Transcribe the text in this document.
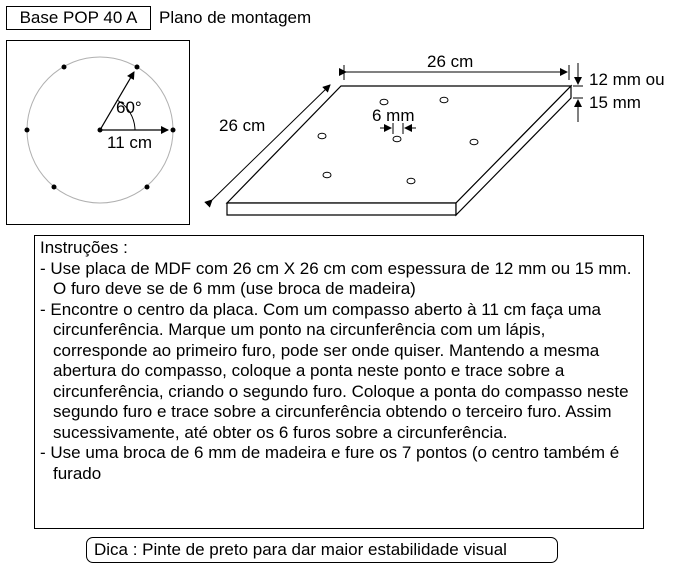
Base POP 40 A	Plano de montagem
60°
11 cm
26 cm
26 cm
6 mm
12 mm ou
15 mm
Instruções :
- Use placa de MDF com 26 cm X 26 cm com espessura de 12 mm ou 15 mm. O furo deve se de 6 mm (use broca de madeira)
- Encontre o centro da placa. Com um compasso aberto à 11 cm faça uma circunferência. Marque um ponto na circunferência com um lápis, corresponde ao primeiro furo, pode ser onde quiser. Mantendo a mesma abertura do compasso, coloque a ponta neste ponto e trace sobre a circunferência, criando o segundo furo. Coloque a ponta do compasso neste segundo furo e trace sobre a circunferência obtendo o terceiro furo. Assim sucessivamente, até obter os 6 furos sobre a circunferência.
- Use uma broca de 6 mm de madeira e fure os 7 pontos (o centro também é furado
Dica : Pinte de preto para dar maior estabilidade visual
